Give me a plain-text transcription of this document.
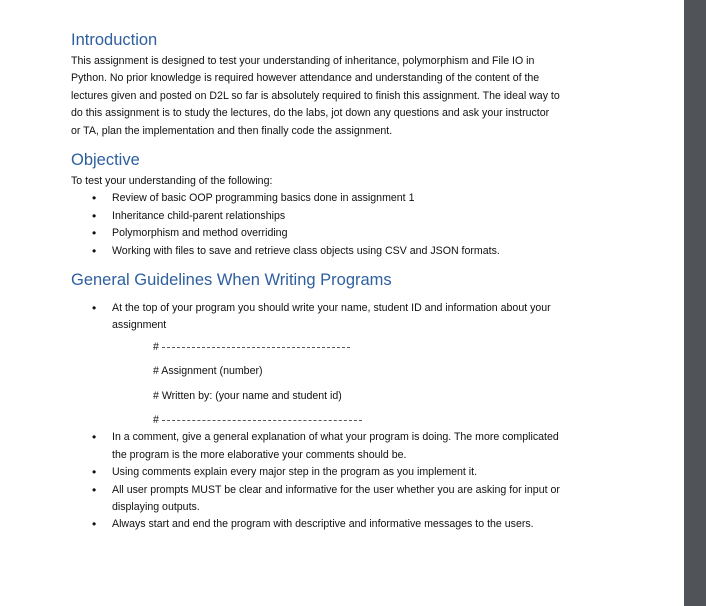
Introduction

This assignment is designed to test your understanding of inheritance, polymorphism and File IO in
Python. No prior knowledge is required however attendance and understanding of the content of the
lectures given and posted on D2L so far is absolutely required to finish this assignment. The ideal way to
do this assignment is to study the lectures, do the labs, jot down any questions and ask your instructor
or TA, plan the implementation and then finally code the assignment.

Objective

To test your understanding of the following:

• Review of basic OOP programming basics done in assignment 1
• Inheritance child-parent relationships
• Polymorphism and method overriding
• Working with files to save and retrieve class objects using CSV and JSON formats.
General Guidelines When Writing Programs
• At the top of your program you should write your name, student ID and information about your
assignment
#
# Assignment (number)
# Written by: (your name and student id)
#
• In a comment, give a general explanation of what your program is doing. The more complicated
the program is the more elaborative your comments should be.
• Using comments explain every major step in the program as you implement it.
• All user prompts MUST be clear and informative for the user whether you are asking for input or
displaying outputs.
• Always start and end the program with descriptive and informative messages to the users.
